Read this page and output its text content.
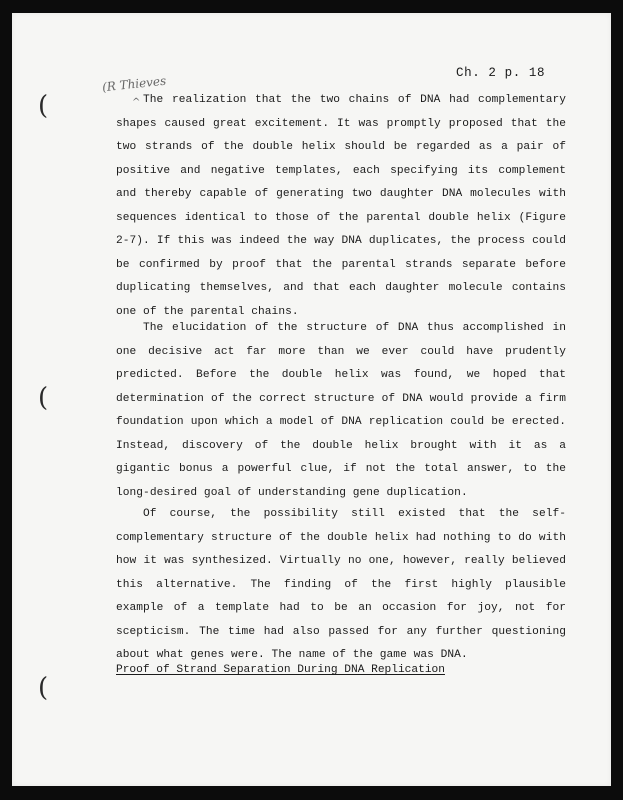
(
(
(
Ch. 2 p. 18
(R Thieves
^ The realization that the two chains of DNA had complementary shapes caused great excitement. It was promptly proposed that the two strands of the double helix should be regarded as a pair of positive and negative templates, each specifying its complement and thereby capable of generating two daughter DNA molecules with sequences identical to those of the parental double helix (Figure 2-7). If this was indeed the way DNA duplicates, the process could be confirmed by proof that the parental strands separate before duplicating themselves, and that each daughter molecule contains one of the parental chains.

The elucidation of the structure of DNA thus accomplished in one decisive act far more than we ever could have prudently predicted. Before the double helix was found, we hoped that determination of the correct structure of DNA would provide a firm foundation upon which a model of DNA replication could be erected. Instead, discovery of the double helix brought with it as a gigantic bonus a powerful clue, if not the total answer, to the long-desired goal of understanding gene duplication.

Of course, the possibility still existed that the self-complementary structure of the double helix had nothing to do with how it was synthesized. Virtually no one, however, really believed this alternative. The finding of the first highly plausible example of a template had to be an occasion for joy, not for scepticism. The time had also passed for any further questioning about what genes were. The name of the game was DNA.

Proof of Strand Separation During DNA Replication
